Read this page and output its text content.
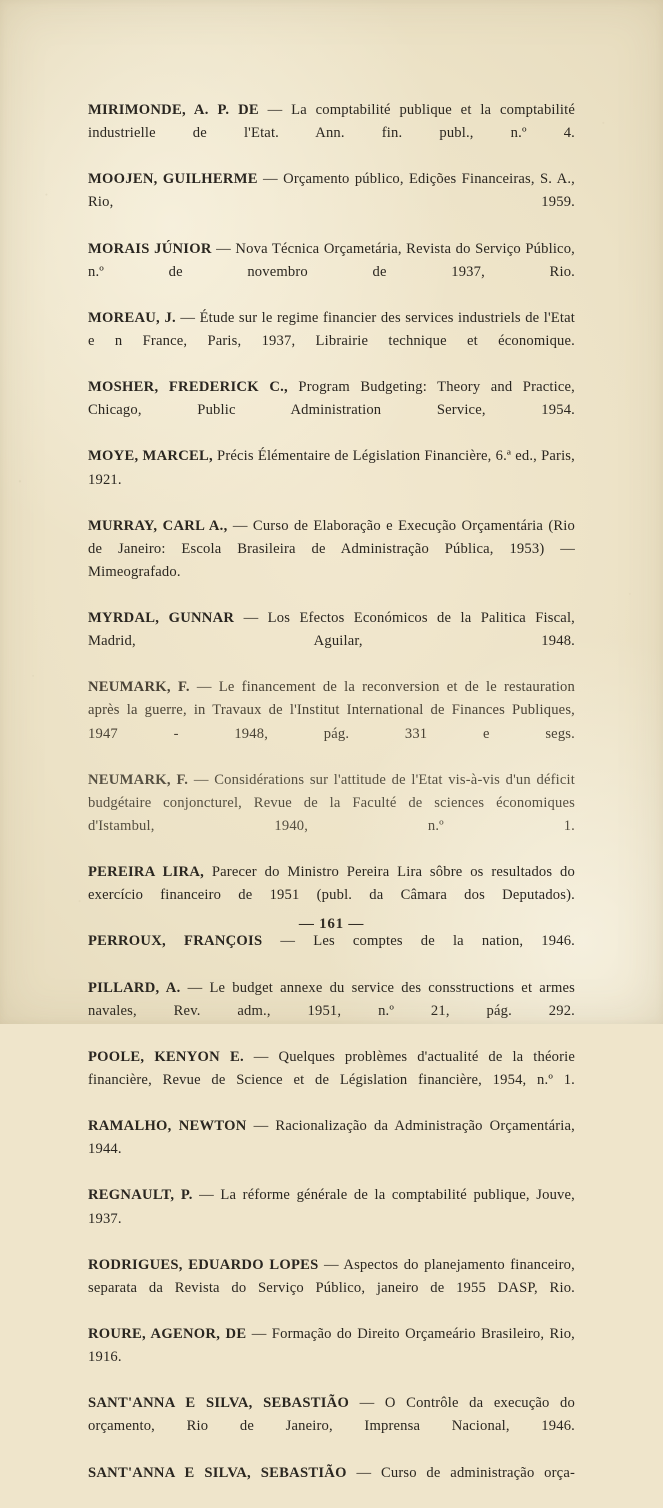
MIRIMONDE, A. P. DE — La comptabilité publique et la comptabilité industrielle de l'Etat. Ann. fin. publ., n.º 4.

MOOJEN, GUILHERME — Orçamento público, Edições Financeiras, S. A., Rio, 1959.

MORAIS JÚNIOR — Nova Técnica Orçametária, Revista do Serviço Público, n.º de novembro de 1937, Rio.

MOREAU, J. — Étude sur le regime financier des services industriels de l'Etat e n France, Paris, 1937, Librairie technique et économique.

MOSHER, FREDERICK C., Program Budgeting: Theory and Practice, Chicago, Public Administration Service, 1954.

MOYE, MARCEL, Précis Élémentaire de Législation Financière, 6.ª ed., Paris, 1921.

MURRAY, CARL A., — Curso de Elaboração e Execução Orçamentária (Rio de Janeiro: Escola Brasileira de Administração Pública, 1953) — Mimeografado.

MYRDAL, GUNNAR — Los Efectos Económicos de la Palitica Fiscal, Madrid, Aguilar, 1948.

NEUMARK, F. — Le financement de la reconversion et de le restauration après la guerre, in Travaux de l'Institut International de Finances Publiques, 1947 - 1948, pág. 331 e segs.

NEUMARK, F. — Considérations sur l'attitude de l'Etat vis-à-vis d'un déficit budgétaire conjoncturel, Revue de la Faculté de sciences économiques d'Istambul, 1940, n.º 1.

PEREIRA LIRA, Parecer do Ministro Pereira Lira sôbre os resultados do exercício financeiro de 1951 (publ. da Câmara dos Deputados).

PERROUX, FRANÇOIS — Les comptes de la nation, 1946.

PILLARD, A. — Le budget annexe du service des consstructions et armes navales, Rev. adm., 1951, n.º 21, pág. 292.

POOLE, KENYON E. — Quelques problèmes d'actualité de la théorie financière, Revue de Science et de Législation financière, 1954, n.º 1.

RAMALHO, NEWTON — Racionalização da Administração Orçamentária, 1944.

REGNAULT, P. — La réforme générale de la comptabilité publique, Jouve, 1937.

RODRIGUES, EDUARDO LOPES — Aspectos do planejamento financeiro, separata da Revista do Serviço Público, janeiro de 1955 DASP, Rio.

ROURE, AGENOR, DE — Formação do Direito Orçameário Brasileiro, Rio, 1916.

SANT'ANNA E SILVA, SEBASTIÃO — O Contrôle da execução do orçamento, Rio de Janeiro, Imprensa Nacional, 1946.

SANT'ANNA E SILVA, SEBASTIÃO — Curso de administração orça-

— 161 —
